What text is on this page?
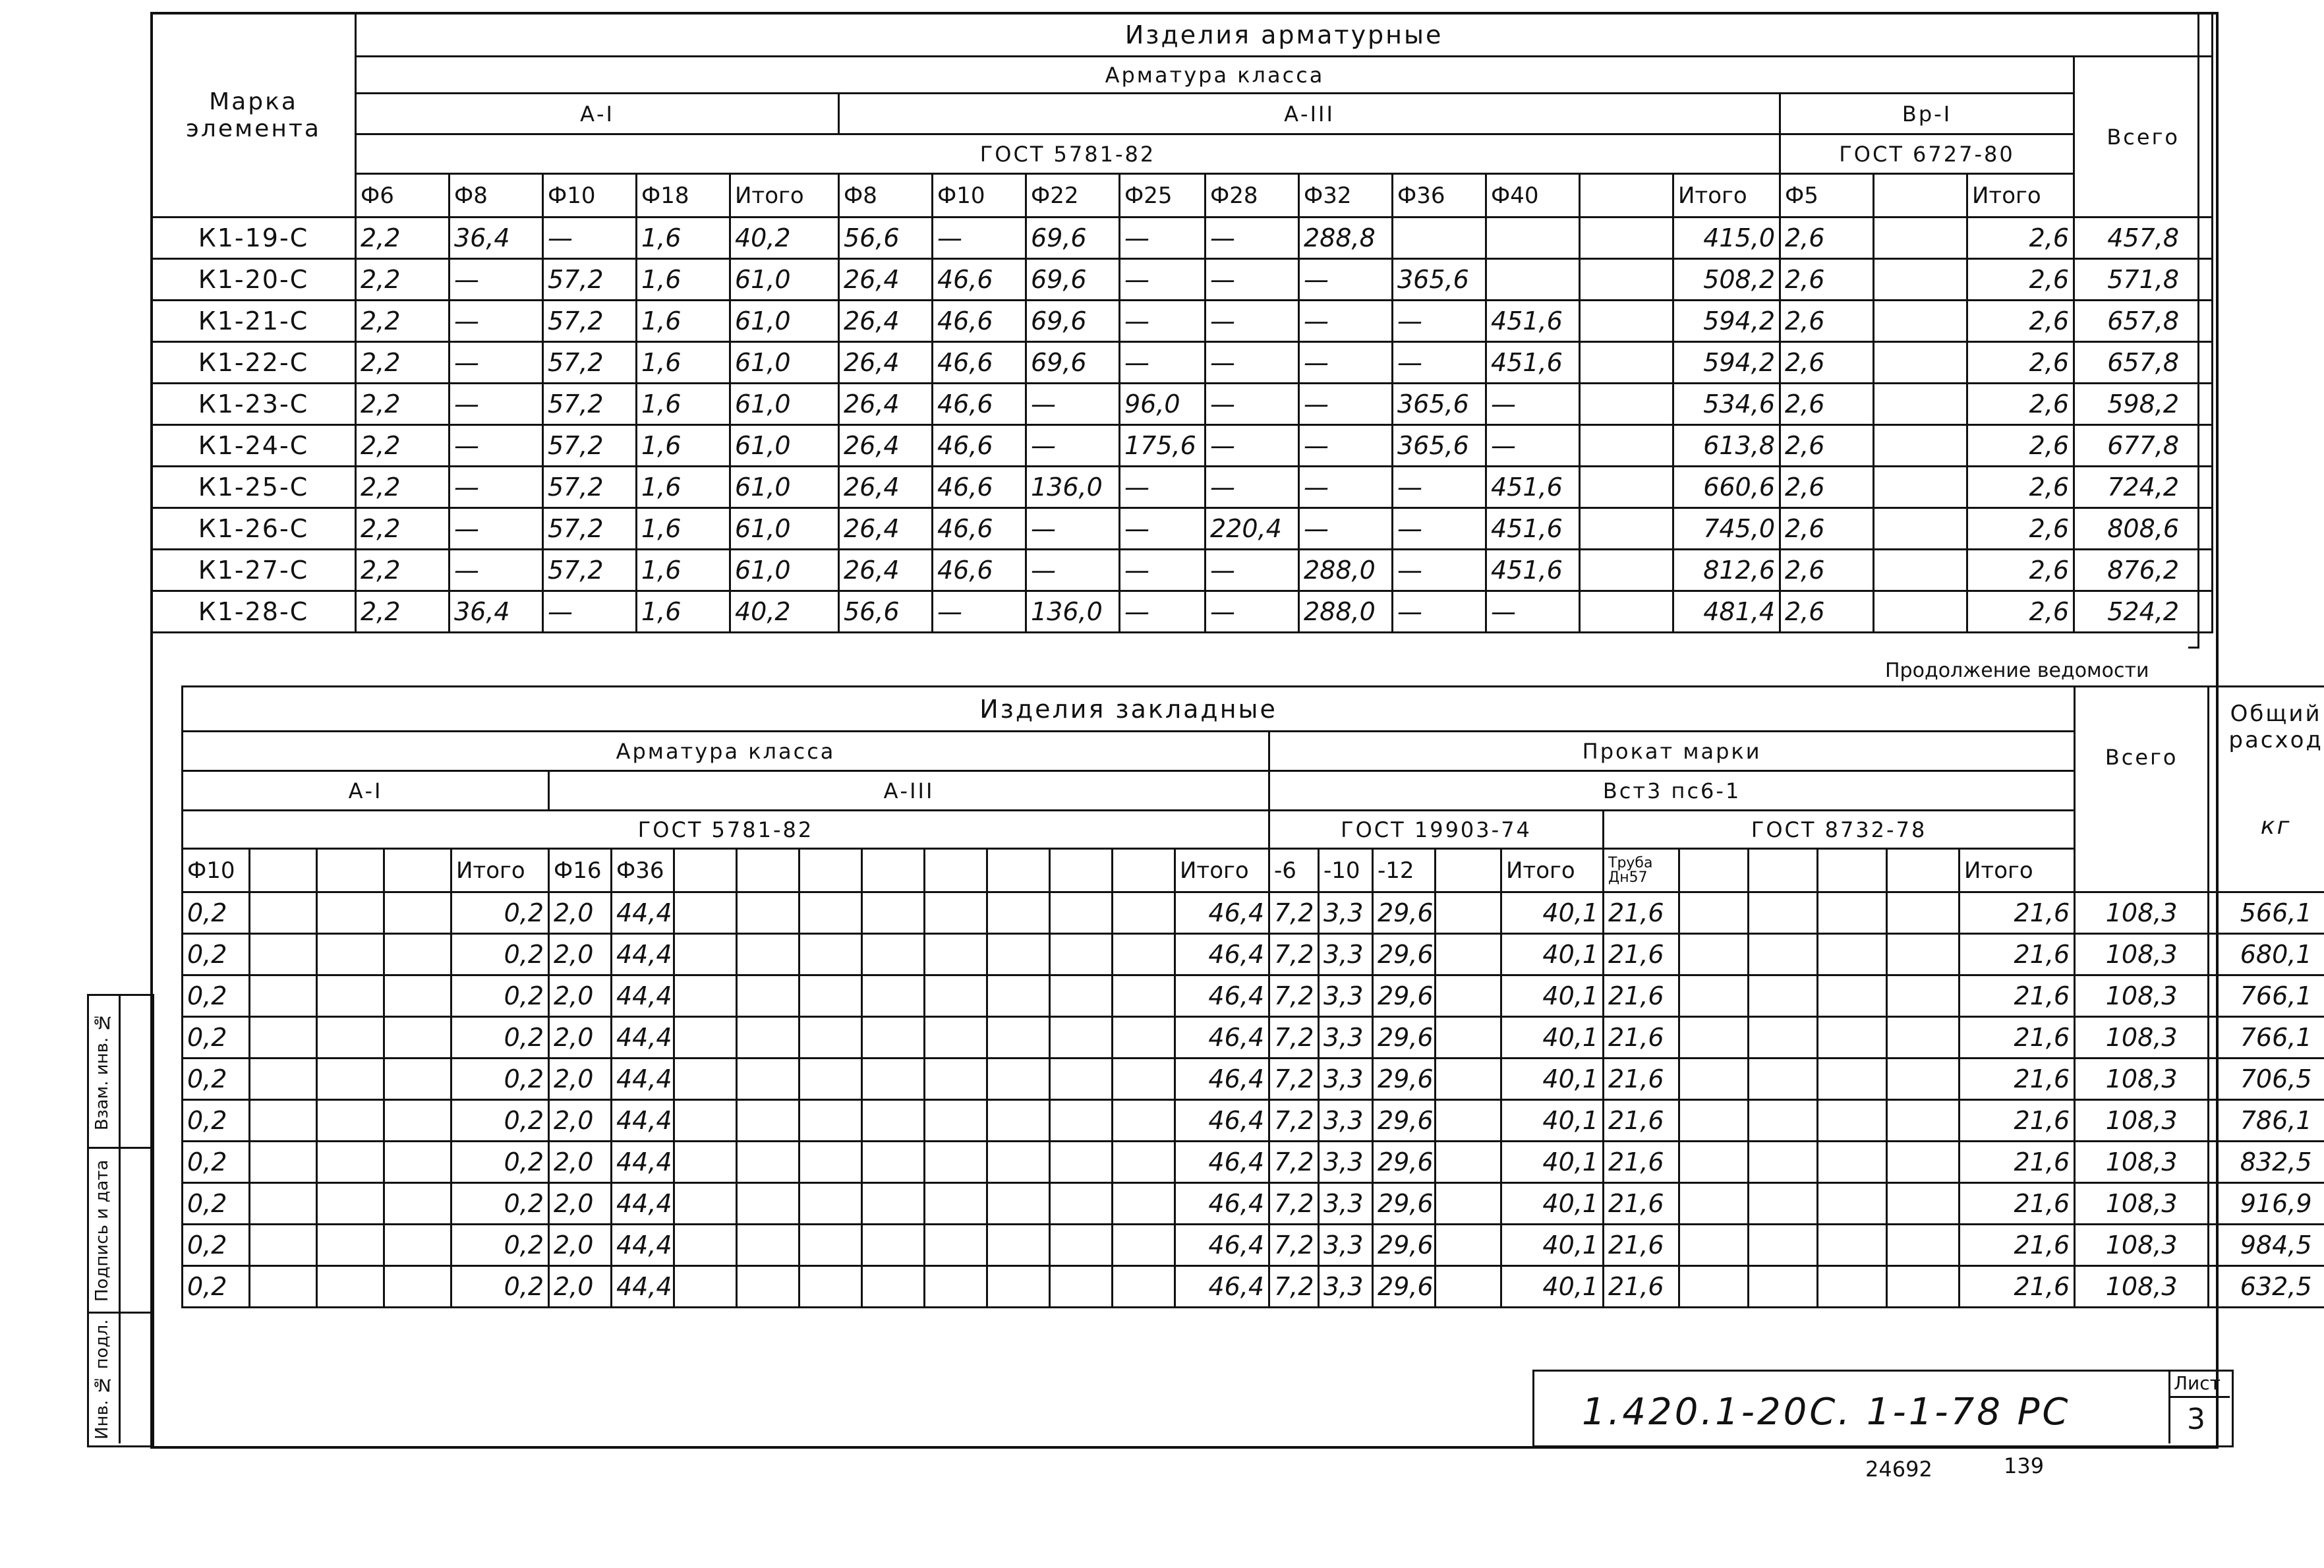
Марка элемента	Изделия арматурные																		
	Арматура класса																		Всего
	А-I					А-III										Вр-I			
	ГОСТ 5781-82															ГОСТ 6727-80			
	Ф6	Ф8	Ф10	Ф18	Итого	Ф8	Ф10	Ф22	Ф25	Ф28	Ф32	Ф36	Ф40		Итого	Ф5		Итого	
К1-19-С	2,2	36,4	—	1,6	40,2	56,6	—	69,6	—	—	288,8				415,0	2,6		2,6	457,8
К1-20-С	2,2	—	57,2	1,6	61,0	26,4	46,6	69,6	—	—	—	365,6			508,2	2,6		2,6	571,8
К1-21-С	2,2	—	57,2	1,6	61,0	26,4	46,6	69,6	—	—	—	—	451,6		594,2	2,6		2,6	657,8
К1-22-С	2,2	—	57,2	1,6	61,0	26,4	46,6	69,6	—	—	—	—	451,6		594,2	2,6		2,6	657,8
К1-23-С	2,2	—	57,2	1,6	61,0	26,4	46,6	—	96,0	—	—	365,6	—		534,6	2,6		2,6	598,2
К1-24-С	2,2	—	57,2	1,6	61,0	26,4	46,6	—	175,6	—	—	365,6	—		613,8	2,6		2,6	677,8
К1-25-С	2,2	—	57,2	1,6	61,0	26,4	46,6	136,0	—	—	—	—	451,6		660,6	2,6		2,6	724,2
К1-26-С	2,2	—	57,2	1,6	61,0	26,4	46,6	—	—	220,4	—	—	451,6		745,0	2,6		2,6	808,6
К1-27-С	2,2	—	57,2	1,6	61,0	26,4	46,6	—	—	—	288,0	—	451,6		812,6	2,6		2,6	876,2
К1-28-С	2,2	36,4	—	1,6	40,2	56,6	—	136,0	—	—	288,0	—	—		481,4	2,6		2,6	524,2
Продолжение ведомости
Изделия закладные																												Общий расход
кг

Арматура класса																Прокат марки											Всего	
А-I					А-III											Вст3 пс6-1												
ГОСТ 5781-82																ГОСТ 19903-74					ГОСТ 8732-78							
Ф10				Итого	Ф16	Ф36									Итого	-6	-10	-12		Итого	Труба Дн57					Итого		
0,2				0,2	2,0	44,4									46,4	7,2	3,3	29,6		40,1	21,6					21,6	108,3	566,1
0,2				0,2	2,0	44,4									46,4	7,2	3,3	29,6		40,1	21,6					21,6	108,3	680,1
0,2				0,2	2,0	44,4									46,4	7,2	3,3	29,6		40,1	21,6					21,6	108,3	766,1
0,2				0,2	2,0	44,4									46,4	7,2	3,3	29,6		40,1	21,6					21,6	108,3	766,1
0,2				0,2	2,0	44,4									46,4	7,2	3,3	29,6		40,1	21,6					21,6	108,3	706,5
0,2				0,2	2,0	44,4									46,4	7,2	3,3	29,6		40,1	21,6					21,6	108,3	786,1
0,2				0,2	2,0	44,4									46,4	7,2	3,3	29,6		40,1	21,6					21,6	108,3	832,5
0,2				0,2	2,0	44,4									46,4	7,2	3,3	29,6		40,1	21,6					21,6	108,3	916,9
0,2				0,2	2,0	44,4									46,4	7,2	3,3	29,6		40,1	21,6					21,6	108,3	984,5
0,2				0,2	2,0	44,4									46,4	7,2	3,3	29,6		40,1	21,6					21,6	108,3	632,5
Инв. № подл.
Подпись и дата
Взам. инв. №
1.420.1-20С. 1-1-78 РС
Лист
3
24692	139
